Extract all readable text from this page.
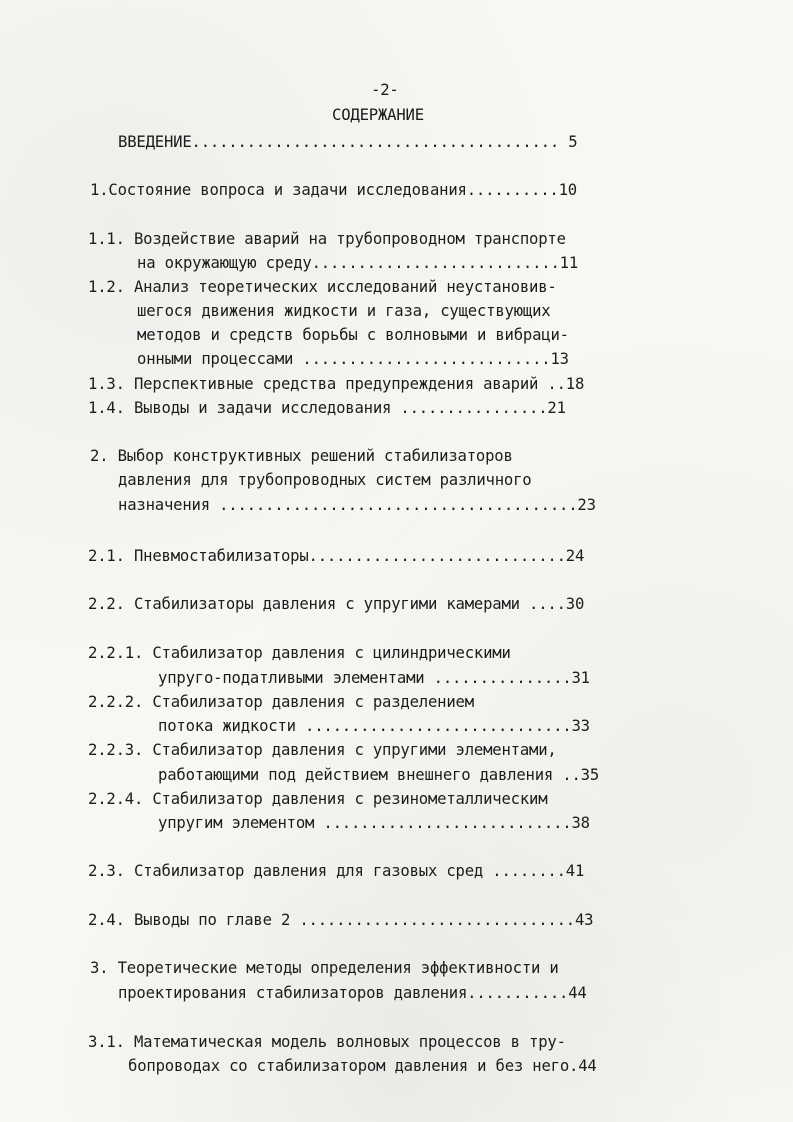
-2-
СОДЕРЖАНИЕ
ВВЕДЕНИЕ........................................ 5
1.Состояние вопроса и задачи исследования..........10
1.1. Воздействие аварий на трубопроводном транспорте
на окружающую среду...........................11
1.2. Анализ теоретических исследований неустановив-
шегося движения жидкости и газа, существующих
методов и средств борьбы с волновыми и вибраци-
онными процессами ...........................13
1.3. Перспективные средства предупреждения аварий ..18
1.4. Выводы и задачи исследования ................21
2. Выбор конструктивных решений стабилизаторов
давления для трубопроводных систем различного
назначения .......................................23
2.1. Пневмостабилизаторы............................24
2.2. Стабилизаторы давления с упругими камерами ....30
2.2.1. Стабилизатор давления с цилиндрическими
упруго-податливыми элементами ...............31
2.2.2. Стабилизатор давления с разделением
потока жидкости .............................33
2.2.3. Стабилизатор давления с упругими элементами,
работающими под действием внешнего давления ..35
2.2.4. Стабилизатор давления с резинометаллическим
упругим элементом ...........................38
2.3. Стабилизатор давления для газовых сред ........41
2.4. Выводы по главе 2 ..............................43
3. Теоретические методы определения эффективности и
проектирования стабилизаторов давления...........44
3.1. Математическая модель волновых процессов в тру-
бопроводах со стабилизатором давления и без него.44
